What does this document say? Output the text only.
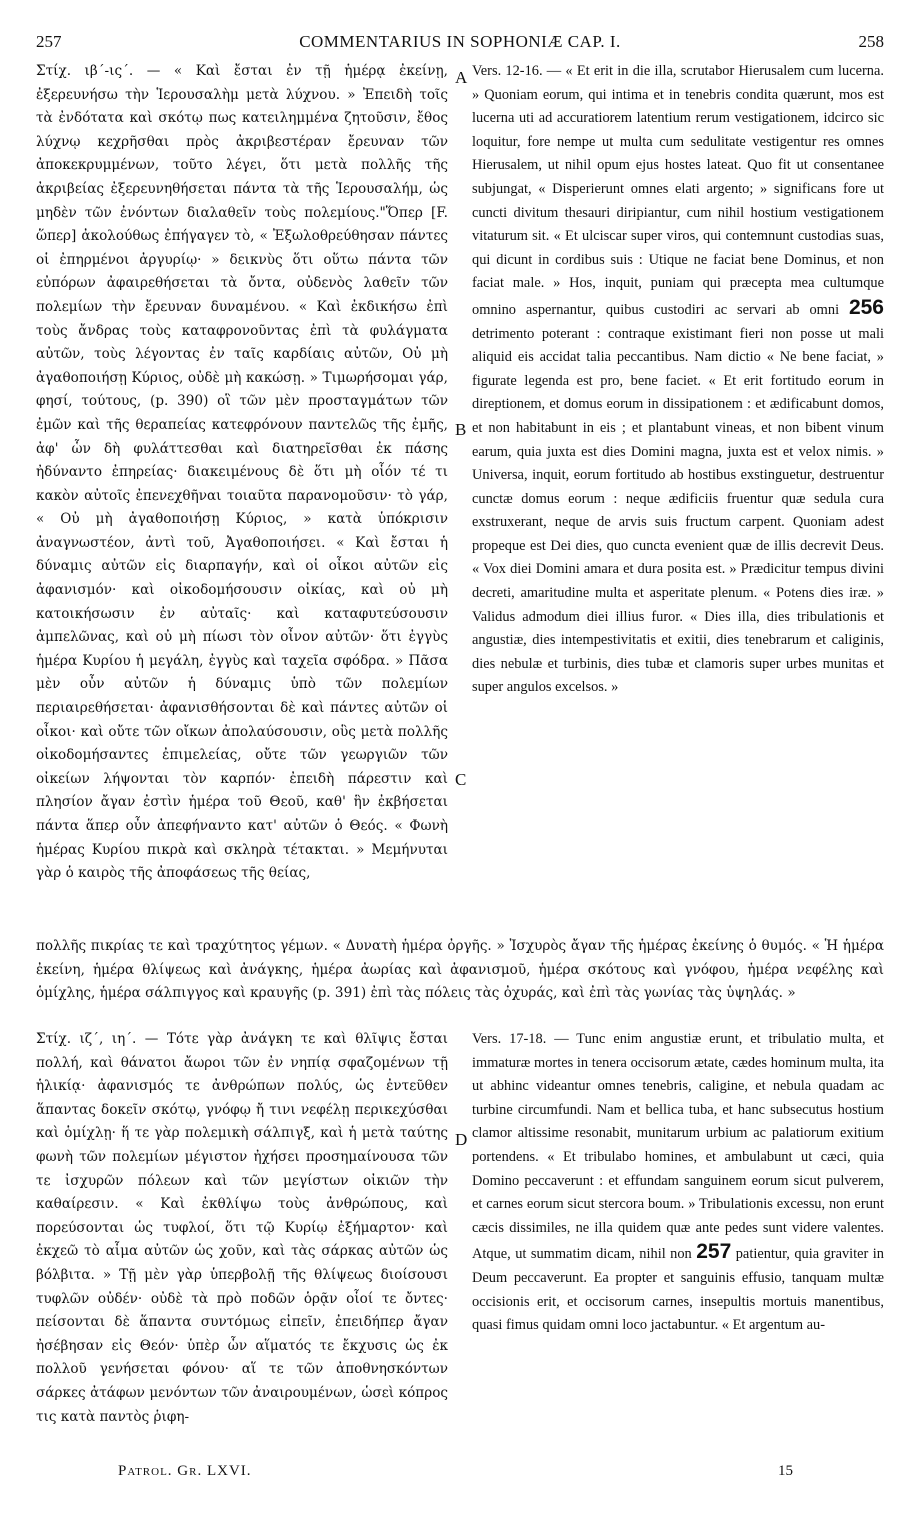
257	COMMENTARIUS IN SOPHONIÆ CAP. I.	258
Στίχ. ιβ΄-ις΄. — « Καὶ ἔσται ἐν τῇ ἡμέρᾳ ἐκείνῃ, ἐξερευνήσω τὴν Ἱερουσαλὴμ μετὰ λύχνου. » Ἐπειδὴ τοῖς τὰ ἐνδότατα καὶ σκότῳ πως κατειλημμένα ζητοῦσιν, ἔθος λύχνῳ κεχρῆσθαι πρὸς ἀκριβεστέραν ἔρευναν τῶν ἀποκεκρυμμένων, τοῦτο λέγει, ὅτι μετὰ πολλῆς τῆς ἀκριβείας ἐξερευνηθήσεται πάντα τὰ τῆς Ἱερουσαλήμ, ὡς μηδὲν τῶν ἐνόντων διαλαθεῖν τοὺς πολεμίους."Ὅπερ [F. ὥπερ] ἀκολούθως ἐπήγαγεν τὸ, « Ἐξωλοθρεύθησαν πάντες οἱ ἐπηρμένοι ἀργυρίῳ· » δεικνὺς ὅτι οὕτω πάντα τῶν εὐπόρων ἀφαιρεθήσεται τὰ ὄντα, οὐδενὸς λαθεῖν τῶν πολεμίων τὴν ἔρευναν δυναμένου. « Καὶ ἐκδικήσω ἐπὶ τοὺς ἄνδρας τοὺς καταφρονοῦντας ἐπὶ τὰ φυλάγματα αὐτῶν, τοὺς λέγοντας ἐν ταῖς καρδίαις αὐτῶν, Οὐ μὴ ἀγαθοποιήσῃ Κύριος, οὐδὲ μὴ κακώσῃ. » Τιμωρήσομαι γάρ, φησί, τούτους, (p. 390) οἳ τῶν μὲν προσταγμάτων τῶν ἐμῶν καὶ τῆς θεραπείας κατεφρόνουν παντελῶς τῆς ἐμῆς, ἀφ' ὧν δὴ φυλάττεσθαι καὶ διατηρεῖσθαι ἐκ πάσης ἠδύναντο ἐπηρείας· διακειμένους δὲ ὅτι μὴ οἷόν τέ τι κακὸν αὐτοῖς ἐπενεχθῆναι τοιαῦτα παρανομοῦσιν· τὸ γάρ, « Οὐ μὴ ἀγαθοποιήσῃ Κύριος, » κατὰ ὑπόκρισιν ἀναγνωστέον, ἀντὶ τοῦ, Ἀγαθοποιήσει. « Καὶ ἔσται ἡ δύναμις αὐτῶν εἰς διαρπαγήν, καὶ οἱ οἶκοι αὐτῶν εἰς ἀφανισμόν· καὶ οἰκοδομήσουσιν οἰκίας, καὶ οὐ μὴ κατοικήσωσιν ἐν αὐταῖς· καὶ καταφυτεύσουσιν ἀμπελῶνας, καὶ οὐ μὴ πίωσι τὸν οἶνον αὐτῶν· ὅτι ἐγγὺς ἡμέρα Κυρίου ἡ μεγάλη, ἐγγὺς καὶ ταχεῖα σφόδρα. » Πᾶσα μὲν οὖν αὐτῶν ἡ δύναμις ὑπὸ τῶν πολεμίων περιαιρεθήσεται· ἀφανισθήσονται δὲ καὶ πάντες αὐτῶν οἱ οἶκοι· καὶ οὔτε τῶν οἴκων ἀπολαύσουσιν, οὓς μετὰ πολλῆς οἰκοδομήσαντες ἐπιμελείας, οὔτε τῶν γεωργιῶν τῶν οἰκείων λήψονται τὸν καρπόν· ἐπειδὴ πάρεστιν καὶ πλησίον ἄγαν ἐστὶν ἡμέρα τοῦ Θεοῦ, καθ' ἣν ἐκβήσεται πάντα ἅπερ οὖν ἀπεφήναντο κατ' αὐτῶν ὁ Θεός. « Φωνὴ ἡμέρας Κυρίου πικρὰ καὶ σκληρὰ τέτακται. » Μεμήνυται γὰρ ὁ καιρὸς τῆς ἀποφάσεως τῆς θείας,
Vers. 12-16. — « Et erit in die illa, scrutabor Hierusalem cum lucerna. » Quoniam eorum, qui intima et in tenebris condita quærunt, mos est lucerna uti ad accuratiorem latentium rerum vestigationem, idcirco sic loquitur, fore nempe ut multa cum sedulitate vestigentur res omnes Hierusalem, ut nihil opum ejus hostes lateat. Quo fit ut consentanee subjungat, « Disperierunt omnes elati argento; » significans fore ut cuncti divitum thesauri diripiantur, cum nihil hostium vestigationem vitaturum sit. « Et ulciscar super viros, qui contemnunt custodias suas, qui dicunt in cordibus suis : Utique ne faciat bene Dominus, et non faciat male. » Hos, inquit, puniam qui præcepta mea cultumque omnino aspernantur, quibus custodiri ac servari ab omni 256 detrimento poterant : contraque existimant fieri non posse ut mali aliquid eis accidat talia peccantibus. Nam dictio « Ne bene faciat, » figurate legenda est pro, bene faciet. « Et erit fortitudo eorum in direptionem, et domus eorum in dissipationem : et ædificabunt domos, et non habitabunt in eis ; et plantabunt vineas, et non bibent vinum earum, quia juxta est dies Domini magna, juxta est et velox nimis. » Universa, inquit, eorum fortitudo ab hostibus exstinguetur, destruentur cunctæ domus eorum : neque ædificiis fruentur quæ sedula cura exstruxerant, neque de arvis suis fructum carpent. Quoniam adest propeque est Dei dies, quo cuncta evenient quæ de illis decrevit Deus. « Vox diei Domini amara et dura posita est. » Prædicitur tempus divini decreti, amaritudine multa et asperitate plenum. « Potens dies iræ. » Validus admodum diei illius furor. « Dies illa, dies tribulationis et angustiæ, dies intempestivitatis et exitii, dies tenebrarum et caliginis, dies nebulæ et turbinis, dies tubæ et clamoris super urbes munitas et super angulos excelsos. »
πολλῆς πικρίας τε καὶ τραχύτητος γέμων. « Δυνατὴ ἡμέρα ὀργῆς. » Ἰσχυρὸς ἄγαν τῆς ἡμέρας ἐκείνης ὁ θυμός. « Ἡ ἡμέρα ἐκείνη, ἡμέρα θλίψεως καὶ ἀνάγκης, ἡμέρα ἀωρίας καὶ ἀφανισμοῦ, ἡμέρα σκότους καὶ γνόφου, ἡμέρα νεφέλης καὶ ὁμίχλης, ἡμέρα σάλπιγγος καὶ κραυγῆς (p. 391) ἐπὶ τὰς πόλεις τὰς ὀχυράς, καὶ ἐπὶ τὰς γωνίας τὰς ὑψηλάς. »
Στίχ. ιζ΄, ιη΄. — Τότε γὰρ ἀνάγκη τε καὶ θλῖψις ἔσται πολλή, καὶ θάνατοι ἄωροι τῶν ἐν νηπίᾳ σφαζομένων τῇ ἡλικίᾳ· ἀφανισμός τε ἀνθρώπων πολύς, ὡς ἐντεῦθεν ἅπαντας δοκεῖν σκότῳ, γνόφῳ ἤ τινι νεφέλῃ περικεχύσθαι καὶ ὁμίχλῃ· ἥ τε γὰρ πολεμικὴ σάλπιγξ, καὶ ἡ μετὰ ταύτης φωνὴ τῶν πολεμίων μέγιστον ἠχήσει προσημαίνουσα τῶν τε ἰσχυρῶν πόλεων καὶ τῶν μεγίστων οἰκιῶν τὴν καθαίρεσιν. « Καὶ ἐκθλίψω τοὺς ἀνθρώπους, καὶ πορεύσονται ὡς τυφλοί, ὅτι τῷ Κυρίῳ ἐξήμαρτον· καὶ ἐκχεῶ τὸ αἷμα αὐτῶν ὡς χοῦν, καὶ τὰς σάρκας αὐτῶν ὡς βόλβιτα. » Τῇ μὲν γὰρ ὑπερβολῇ τῆς θλίψεως διοίσουσι τυφλῶν οὐδέν· οὐδὲ τὰ πρὸ ποδῶν ὁρᾷν οἷοί τε ὄντες· πείσονται δὲ ἅπαντα συντόμως εἰπεῖν, ἐπειδήπερ ἄγαν ἠσέβησαν εἰς Θεόν· ὑπὲρ ὧν αἵματός τε ἔκχυσις ὡς ἐκ πολλοῦ γενήσεται φόνου· αἵ τε τῶν ἀποθνησκόντων σάρκες ἀτάφων μενόντων τῶν ἀναιρουμένων, ὡσεὶ κόπρος τις κατὰ παντὸς ῥιφη-
Vers. 17-18. — Tunc enim angustiæ erunt, et tribulatio multa, et immaturæ mortes in tenera occisorum ætate, cædes hominum multa, ita ut abhinc videantur omnes tenebris, caligine, et nebula quadam ac turbine circumfundi. Nam et bellica tuba, et hanc subsecutus hostium clamor altissime resonabit, munitarum urbium ac palatiorum exitium portendens. « Et tribulabo homines, et ambulabunt ut cæci, quia Domino peccaverunt : et effundam sanguinem eorum sicut pulverem, et carnes eorum sicut stercora boum. » Tribulationis excessu, non erunt cæcis dissimiles, ne illa quidem quæ ante pedes sunt videre valentes. Atque, ut summatim dicam, nihil non 257 patientur, quia graviter in Deum peccaverunt. Ea propter et sanguinis effusio, tanquam multæ occisionis erit, et occisorum carnes, insepultis mortuis manentibus, quasi fimus quidam omni loco jactabuntur. « Et argentum au-
A
B
C
D
Patrol. Gr. LXVI.	15
